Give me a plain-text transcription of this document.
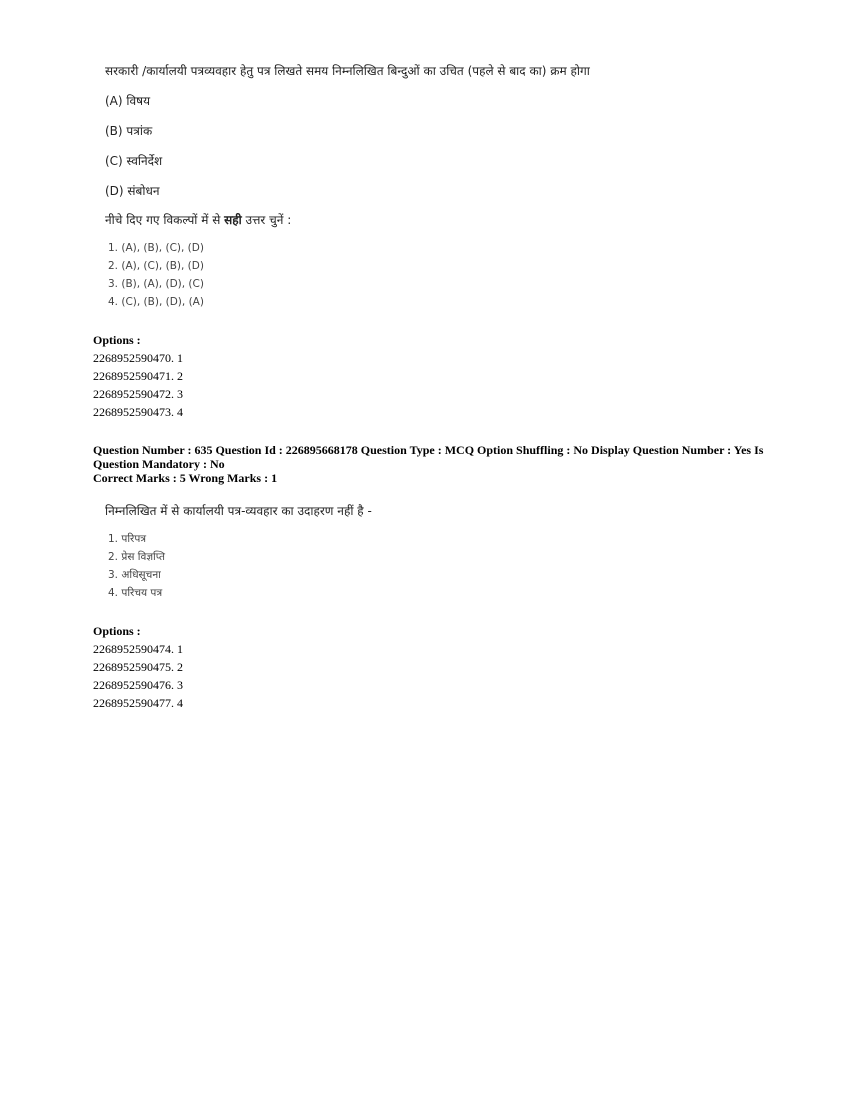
सरकारी /कार्यालयी पत्रव्यवहार हेतु पत्र लिखते समय निम्नलिखित बिन्दुओं का उचित (पहले से बाद का) क्रम होगा
(A) विषय
(B) पत्रांक
(C) स्वनिर्देश
(D) संबोधन
नीचे दिए गए विकल्पों में से सही उत्तर चुनें :
1. (A), (B), (C), (D)
2. (A), (C), (B), (D)
3. (B), (A), (D), (C)
4. (C), (B), (D), (A)
Options :
2268952590470. 1
2268952590471. 2
2268952590472. 3
2268952590473. 4
Question Number : 635 Question Id : 226895668178 Question Type : MCQ Option Shuffling : No Display Question Number : Yes Is
Question Mandatory : No
Correct Marks : 5 Wrong Marks : 1
निम्नलिखित में से कार्यालयी पत्र-व्यवहार का उदाहरण नहीं है -
1. परिपत्र
2. प्रेस विज्ञप्ति
3. अधिसूचना
4. परिचय पत्र
Options :
2268952590474. 1
2268952590475. 2
2268952590476. 3
2268952590477. 4
